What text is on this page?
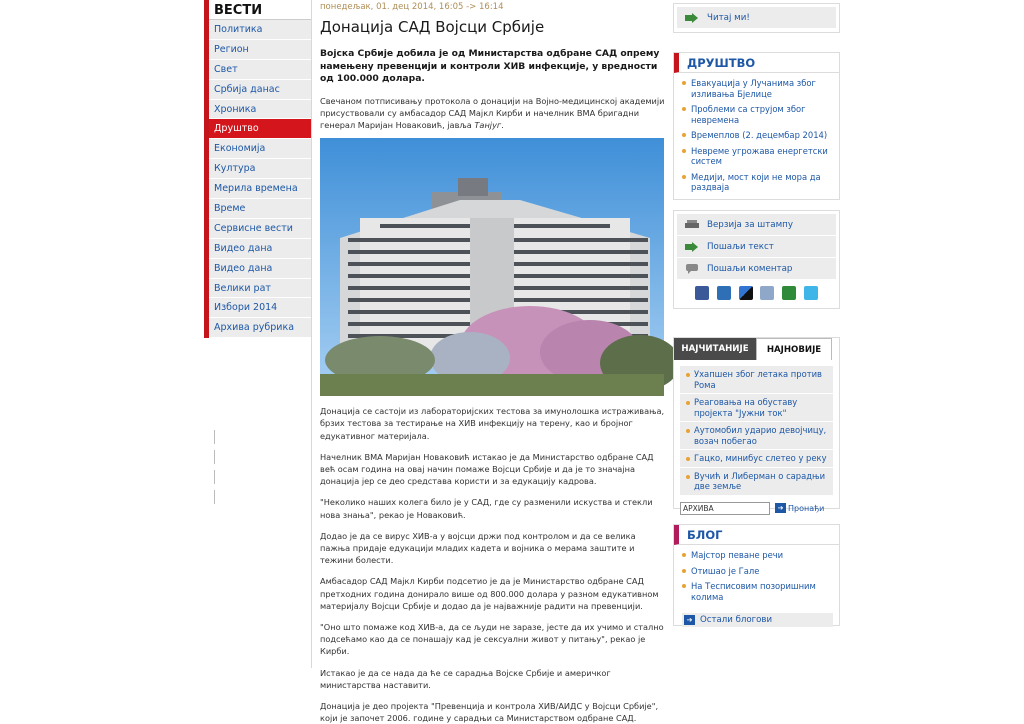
ВЕСТИ
Политика
Регион
Свет
Србија данас
Хроника
Друштво
Економија
Култура
Мерила времена
Време
Сервисне вести
Видео дана
Видео дана
Велики рат
Избори 2014
Архива рубрика
понедељак, 01. дец 2014, 16:05 -> 16:14
Донација САД Војсци Србије
Војска Србије добила је од Министарства одбране САД опрему намењену превенцији и контроли ХИВ инфекције, у вредности од 100.000 долара.
Свечаном потписивању протокола о донацији на Војно-медицинској академији присуствовали су амбасадор САД Мајкл Кирби и начелник ВМА бригадни генерал Маријан Новаковић, јавља Танјуг.
Донација се састоји из лабораторијских тестова за имунолошка истраживања, брзих тестова за тестирање на ХИВ инфекцију на терену, као и бројног едукативног материјала.
Начелник ВМА Маријан Новаковић истакао је да Министарство одбране САД већ осам година на овај начин помаже Војсци Србије и да је то значајна донација јер се део средстава користи и за едукацију кадрова.
"Неколико наших колега било је у САД, где су разменили искуства и стекли нова знања", рекао је Новаковић.
Додао је да се вирус ХИВ-а у војсци држи под контролом и да се велика пажња придаје едукацији младих кадета и војника о мерама заштите и тежини болести.
Амбасадор САД Мајкл Кирби подсетио је да је Министарство одбране САД претходних година донирало више од 800.000 долара у разном едукативном материјалу Војсци Србије и додао да је најважније радити на превенцији.
"Оно што помаже код ХИВ-а, да се људи не заразе, јесте да их учимо и стално подсећамо као да се понашају кад је сексуални живот у питању", рекао је Кирби.
Истакао је да се нада да ће се сарадња Војске Србије и америчког министарства наставити.
Донација је део пројекта "Превенција и контрола ХИВ/АИДС у Војсци Србије", који је започет 2006. године у сарадњи са Министарством одбране САД.
Читај ми!
ДРУШТВО
Евакуација у Лучанима због изливања Бјелице
Проблеми са струјом због невремена
Времеплов (2. децембар 2014)
Невреме угрожава енергетски систем
Медији, мост који не мора да раздваја
Верзија за штампу
Пошаљи текст
Пошаљи коментар
НАЈЧИТАНИЈЕ	НАЈНОВИЈЕ
Ухапшен због летака против Рома
Реаговања на обуставу пројекта "Јужни ток"
Аутомобил ударио девојчицу, возач побегао
Гацко, минибус слетео у реку
Вучић и Либерман о сарадњи две земље
АРХИВА
➔ Пронађи
БЛОГ
Мајстор певане речи
Отишао је Гале
На Тесписовим позоришним колима
➔ Остали блогови
